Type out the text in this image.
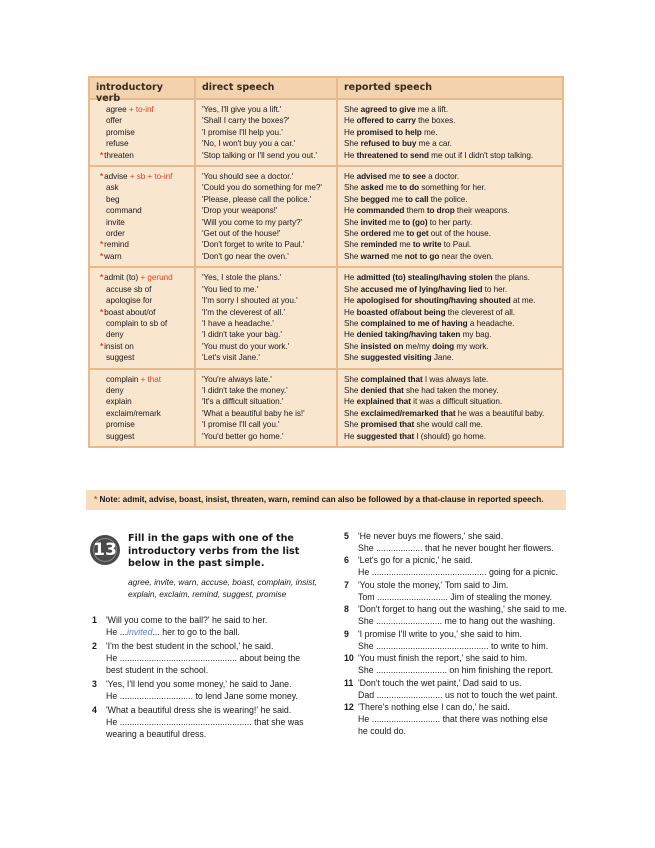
introductory verb
direct speech	reported speech
agree + to-inf
offer
promise
refuse
*threaten
'Yes, I'll give you a lift.'
'Shall I carry the boxes?'
'I promise I'll help you.'
'No, I won't buy you a car.'
'Stop talking or I'll send you out.'
She agreed to give me a lift.
He offered to carry the boxes.
He promised to help me.
She refused to buy me a car.
He threatened to send me out if I didn't stop talking.
*advise + sb + to-inf
ask
beg
command
invite
order
*remind
*warn
'You should see a doctor.'
'Could you do something for me?'
'Please, please call the police.'
'Drop your weapons!'
'Will you come to my party?'
'Get out of the house!'
'Don't forget to write to Paul.'
'Don't go near the oven.'
He advised me to see a doctor.
She asked me to do something for her.
She begged me to call the police.
He commanded them to drop their weapons.
She invited me to (go) to her party.
She ordered me to get out of the house.
She reminded me to write to Paul.
She warned me not to go near the oven.
*admit (to) + gerund
accuse sb of
apologise for
*boast about/of
complain to sb of
deny
*insist on
suggest
'Yes, I stole the plans.'
'You lied to me.'
'I'm sorry I shouted at you.'
'I'm the cleverest of all.'
'I have a headache.'
'I didn't take your bag.'
'You must do your work.'
'Let's visit Jane.'
He admitted (to) stealing/having stolen the plans.
She accused me of lying/having lied to her.
He apologised for shouting/having shouted at me.
He boasted of/about being the cleverest of all.
She complained to me of having a headache.
He denied taking/having taken my bag.
She insisted on me/my doing my work.
She suggested visiting Jane.
complain + that
deny
explain
exclaim/remark
promise
suggest
'You're always late.'
'I didn't take the money.'
'It's a difficult situation.'
'What a beautiful baby he is!'
'I promise I'll call you.'
'You'd better go home.'
She complained that I was always late.
She denied that she had taken the money.
He explained that it was a difficult situation.
She exclaimed/remarked that he was a beautiful baby.
She promised that she would call me.
He suggested that I (should) go home.
* Note: admit, advise, boast, insist, threaten, warn, remind can also be followed by a that-clause in reported speech.
13
Fill in the gaps with one of the introductory verbs from the list below in the past simple.
agree, invite, warn, accuse, boast, complain, insist, explain, exclaim, remind, suggest, promise
1 'Will you come to the ball?' he said to her.
He ...invited... her to go to the ball.
2 'I'm the best student in the school,' he said.
He ................................................ about being the
best student in the school.
3 'Yes, I'll lend you some money,' he said to Jane.
He .............................. to lend Jane some money.
4 'What a beautiful dress she is wearing!' he said.
He ...................................................... that she was
wearing a beautiful dress.
5 'He never buys me flowers,' she said.
She ................... that he never bought her flowers.
6 'Let's go for a picnic,' he said.
He ............................................... going for a picnic.
7 'You stole the money,' Tom said to Jim.
Tom ............................. Jim of stealing the money.
8 'Don't forget to hang out the washing,' she said to me.
She ........................... me to hang out the washing.
9 'I promise I'll write to you,' she said to him.
She .............................................. to write to him.
10 'You must finish the report,' she said to him.
She ............................. on him finishing the report.
11 'Don't touch the wet paint,' Dad said to us.
Dad ........................... us not to touch the wet paint.
12 'There's nothing else I can do,' he said.
He ............................ that there was nothing else
he could do.
